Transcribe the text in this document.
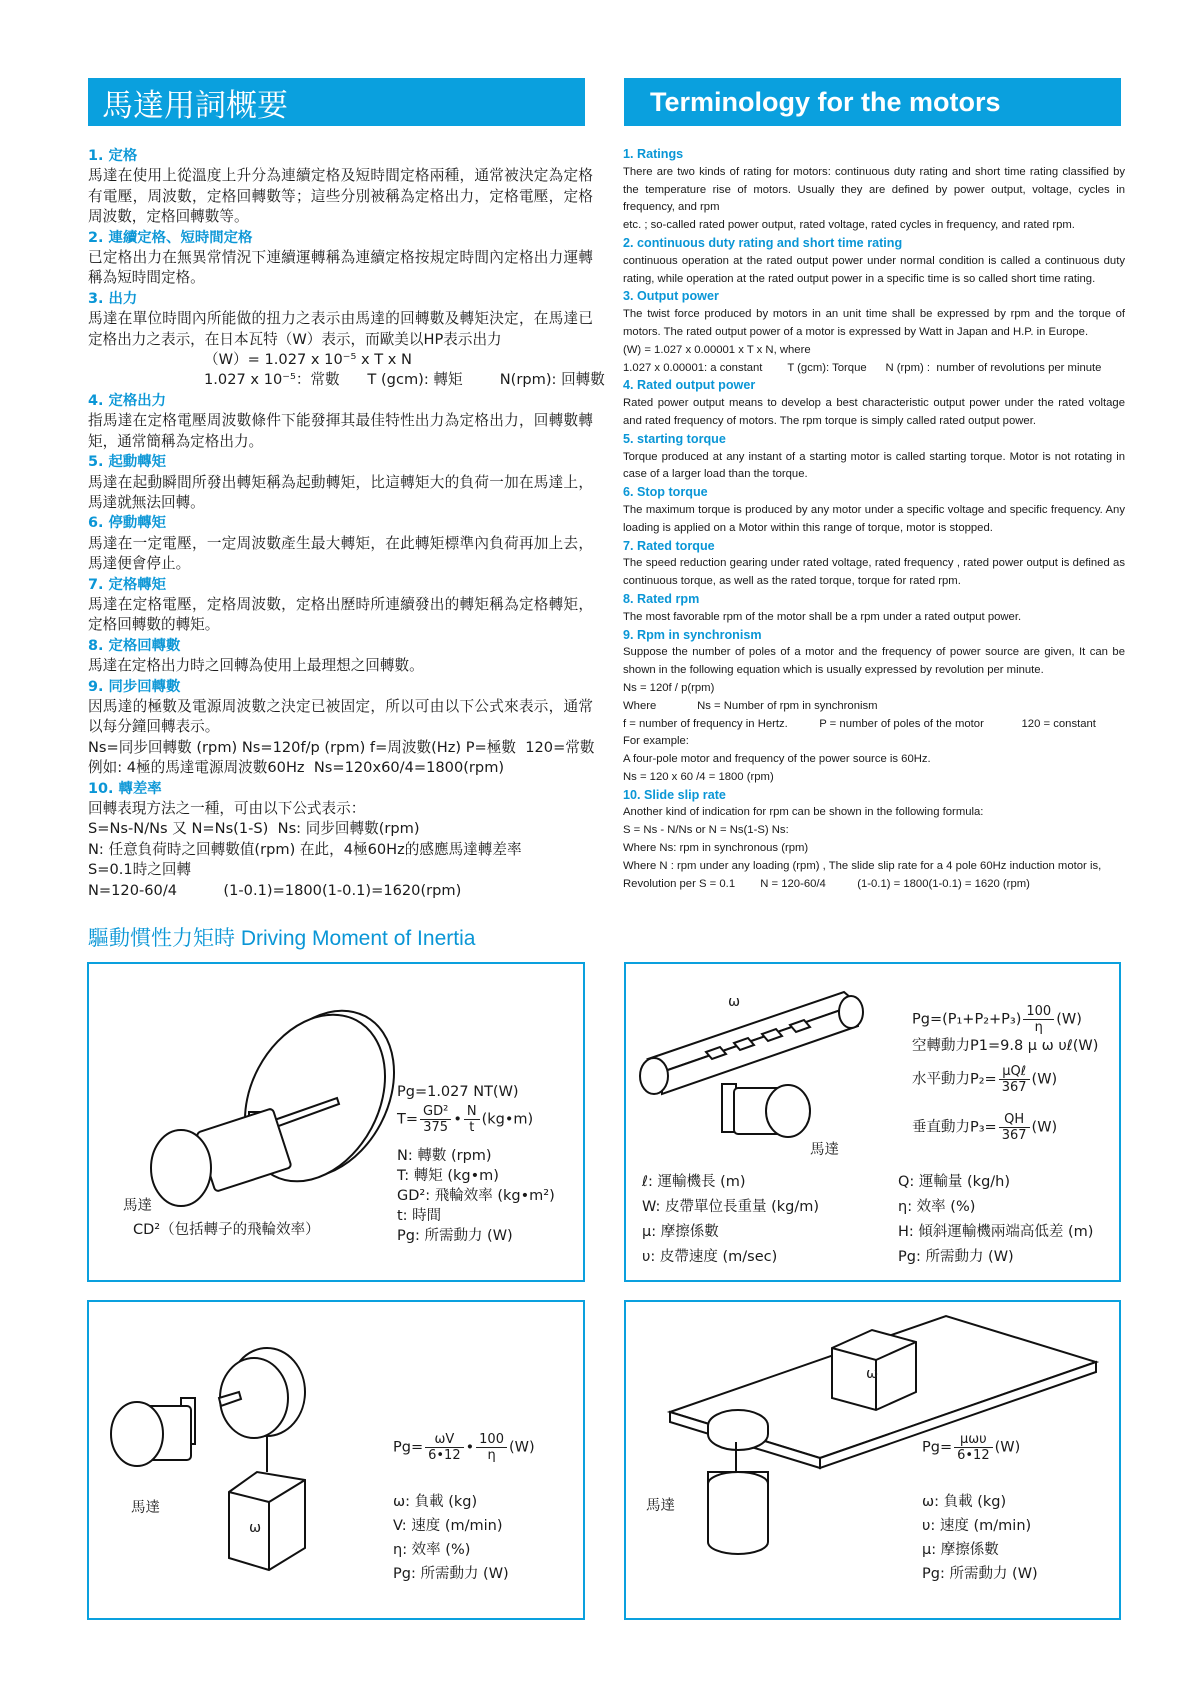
馬達用詞概要	Terminology for the motors
1. 定格
馬達在使用上從溫度上升分為連續定格及短時間定格兩種，通常被決定為定格有電壓，周波數，定格回轉數等；這些分別被稱為定格出力，定格電壓，定格周波數，定格回轉數等。
2. 連續定格、短時間定格
已定格出力在無異常情況下連續運轉稱為連續定格按規定時間內定格出力運轉稱為短時間定格。
3. 出力
馬達在單位時間內所能做的扭力之表示由馬達的回轉數及轉矩決定，在馬達已定格出力之表示，在日本瓦特（W）表示，而歐美以HP表示出力
（W）= 1.027 x 10⁻⁵ x T x N
1.027 x 10⁻⁵：常數      T (gcm): 轉矩        N(rpm): 回轉數
4. 定格出力
指馬達在定格電壓周波數條件下能發揮其最佳特性出力為定格出力，回轉數轉矩，通常簡稱為定格出力。
5. 起動轉矩
馬達在起動瞬間所發出轉矩稱為起動轉矩，比這轉矩大的負荷一加在馬達上，馬達就無法回轉。
6. 停動轉矩
馬達在一定電壓，一定周波數產生最大轉矩，在此轉矩標準內負荷再加上去，馬達便會停止。
7. 定格轉矩
馬達在定格電壓，定格周波數，定格出歷時所連續發出的轉矩稱為定格轉矩，定格回轉數的轉矩。
8. 定格回轉數
馬達在定格出力時之回轉為使用上最理想之回轉數。
9. 同步回轉數
因馬達的極數及電源周波數之決定已被固定，所以可由以下公式來表示，通常以每分鐘回轉表示。
Ns=同步回轉數 (rpm) Ns=120f/p (rpm) f=周波數(Hz) P=極數  120=常數
例如: 4極的馬達電源周波數60Hz  Ns=120x60/4=1800(rpm)
10. 轉差率
回轉表現方法之一種，可由以下公式表示：
S=Ns-N/Ns 又 N=Ns(1-S)  Ns: 同步回轉數(rpm)
N: 任意負荷時之回轉數值(rpm) 在此，4極60Hz的感應馬達轉差率
S=0.1時之回轉
N=120-60/4          (1-0.1)=1800(1-0.1)=1620(rpm)
1. Ratings
There are two kinds of rating for motors: continuous duty rating and short time rating classified by the temperature rise of motors. Usually they are defined by power output, voltage, cycles in frequency, and rpm
etc. ; so-called rated power output, rated voltage, rated cycles in frequency, and rated rpm.
2. continuous duty rating and short time rating
continuous operation at the rated output power under normal condition is called a continuous duty rating, while operation at the rated output power in a specific time is so called short time rating.
3. Output power
The twist force produced by motors in an unit time shall be expressed by rpm and the torque of motors. The rated output power of a motor is expressed by Watt in Japan and H.P. in Europe.
(W) = 1.027 x 0.00001 x T x N, where
1.027 x 0.00001: a constant        T (gcm): Torque      N (rpm) :  number of revolutions per minute
4. Rated output power
Rated power output means to develop a best characteristic output power under the rated voltage and rated frequency of motors. The rpm torque is simply called rated output power.
5. starting torque
Torque produced at any instant of a starting motor is called starting torque. Motor is not rotating in case of a larger load than the torque.
6. Stop torque
The maximum torque is produced by any motor under a specific voltage and specific frequency. Any loading is applied on a Motor within this range of torque, motor is stopped.
7. Rated torque
The speed reduction gearing under rated voltage, rated frequency , rated power output is defined as continuous torque, as well as the rated torque, torque for rated rpm.
8. Rated rpm
The most favorable rpm of the motor shall be a rpm under a rated output power.
9. Rpm in synchronism
Suppose the number of poles of a motor and the frequency of power source are given, It can be shown in the following equation which is usually expressed by revolution per minute.
Ns = 120f / p(rpm)
Where             Ns = Number of rpm in synchronism
f = number of frequency in Hertz.          P = number of poles of the motor            120 = constant
For example:
A four-pole motor and frequency of the power source is 60Hz.
Ns = 120 x 60 /4 = 1800 (rpm)
10. Slide slip rate
Another kind of indication for rpm can be shown in the following formula:
S = Ns - N/Ns or N = Ns(1-S) Ns:
Where Ns: rpm in synchronous (rpm)
Where N : rpm under any loading (rpm) , The slide slip rate for a 4 pole 60Hz induction motor is,
Revolution per S = 0.1        N = 120-60/4          (1-0.1) = 1800(1-0.1) = 1620 (rpm)
驅動慣性力矩時 Driving Moment of Inertia
馬達
CD²（包括轉子的飛輪效率）
Pg=1.027 NT(W)
$T= \frac{\text{GD²}}{375}$ • $\frac{N}{t}$ (kg•m)
N: 轉數 (rpm)
T: 轉矩 (kg•m)
GD²: 飛輪效率 (kg•m²)
t: 時間
Pg: 所需動力 (W)
ω
馬達
$Pg=(P_1+P_2+P_3) \frac{100}{\eta} (W)$
空轉動力P1=9.8 μ ω υℓ(W)
水平動力$P_2= \frac{\text{μQℓ}}{367} (W)$
垂直動力$P_3= \frac{QH}{367} (W)$
ℓ: 運輸機長 (m)
W: 皮帶單位長重量 (kg/m)
μ: 摩擦係數
υ: 皮帶速度 (m/sec)
Q: 運輸量 (kg/h)
η: 效率 (%)
H: 傾斜運輸機兩端高低差 (m)
Pg: 所需動力 (W)
馬達
ω
$Pg= \frac{\omega V}{6•12}$ • $\frac{100}{\eta} (W)$
ω: 負載 (kg)
V: 速度 (m/min)
η: 效率 (%)
Pg: 所需動力 (W)
馬達
ω
$Pg= \frac{\text{μωυ}}{6•12} (W)$
ω: 負載 (kg)
υ: 速度 (m/min)
μ: 摩擦係數
Pg: 所需動力 (W)
